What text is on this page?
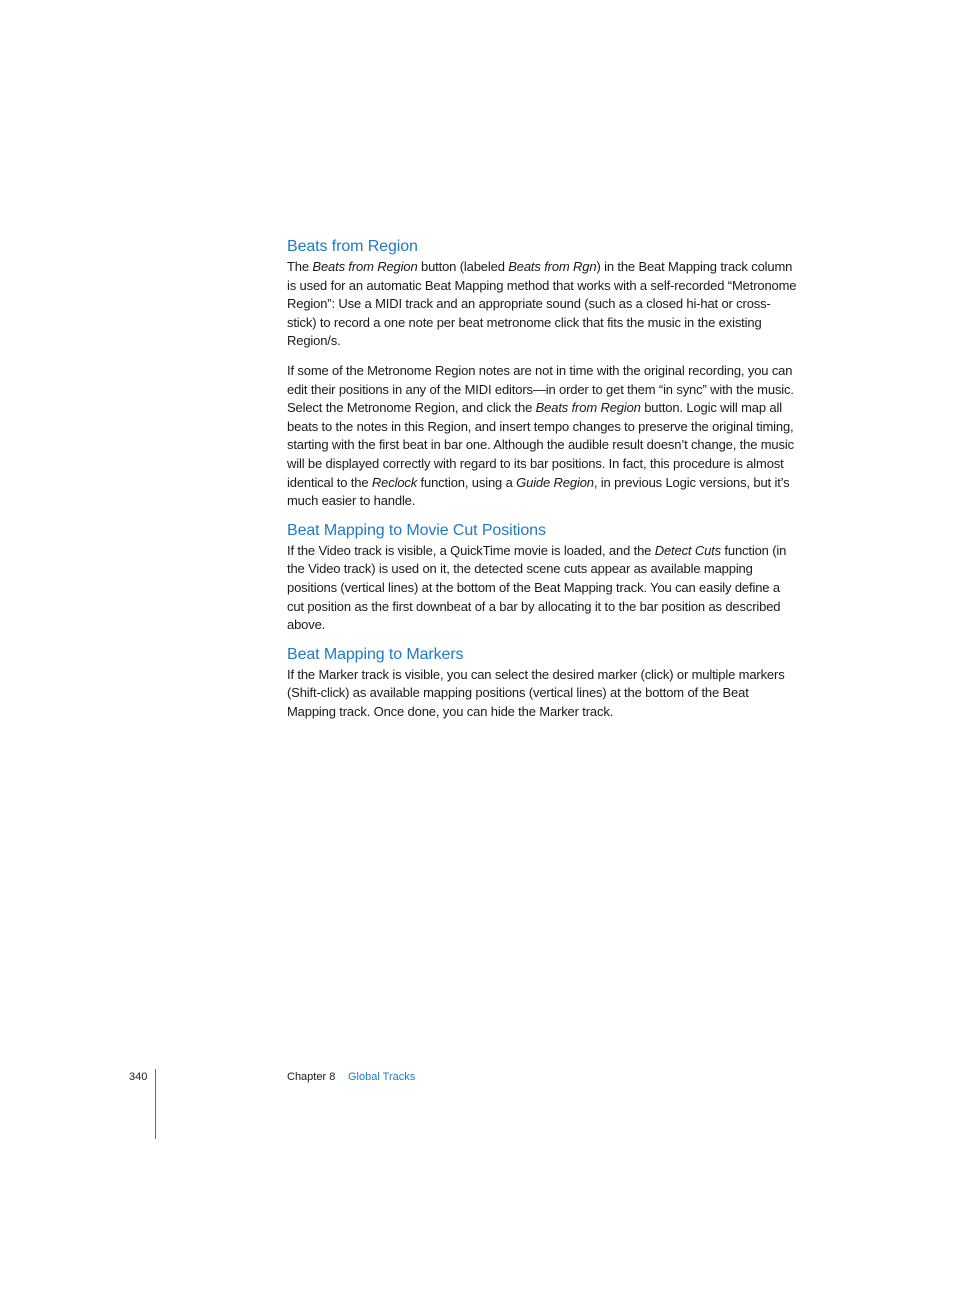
Beats from Region

The Beats from Region button (labeled Beats from Rgn) in the Beat Mapping track column is used for an automatic Beat Mapping method that works with a self-recorded “Metronome Region”: Use a MIDI track and an appropriate sound (such as a closed hi-hat or cross-stick) to record a one note per beat metronome click that fits the music in the existing Region/s.

If some of the Metronome Region notes are not in time with the original recording, you can edit their positions in any of the MIDI editors—in order to get them “in sync” with the music. Select the Metronome Region, and click the Beats from Region button. Logic will map all beats to the notes in this Region, and insert tempo changes to preserve the original timing, starting with the first beat in bar one. Although the audible result doesn’t change, the music will be displayed correctly with regard to its bar positions. In fact, this procedure is almost identical to the Reclock function, using a Guide Region, in previous Logic versions, but it’s much easier to handle.

Beat Mapping to Movie Cut Positions

If the Video track is visible, a QuickTime movie is loaded, and the Detect Cuts function (in the Video track) is used on it, the detected scene cuts appear as available mapping positions (vertical lines) at the bottom of the Beat Mapping track. You can easily define a cut position as the first downbeat of a bar by allocating it to the bar position as described above.

Beat Mapping to Markers

If the Marker track is visible, you can select the desired marker (click) or multiple markers (Shift-click) as available mapping positions (vertical lines) at the bottom of the Beat Mapping track. Once done, you can hide the Marker track.

340	Chapter 8 Global Tracks
